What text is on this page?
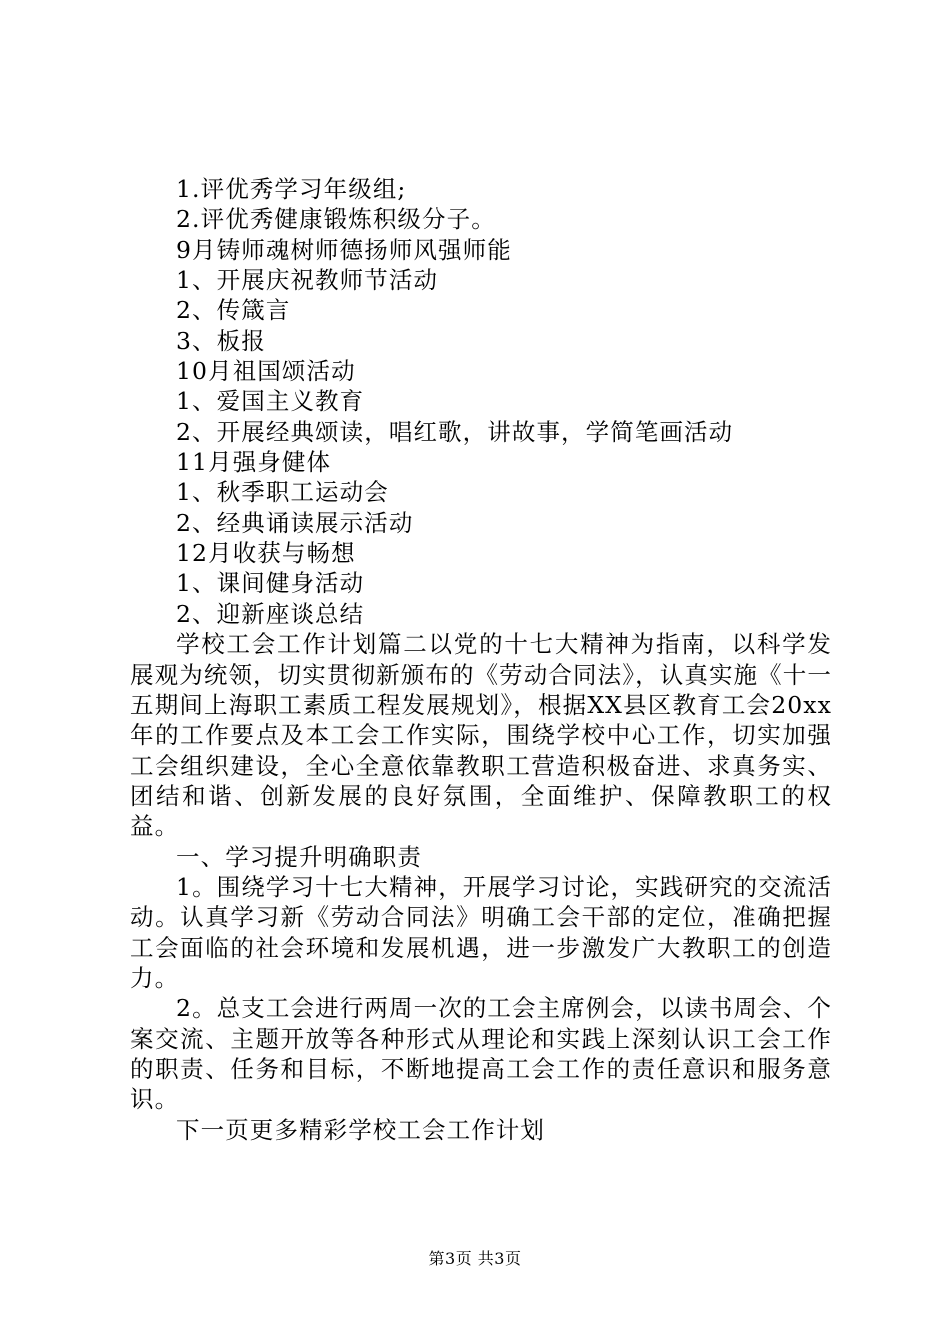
1.评优秀学习年级组;
2.评优秀健康锻炼积级分子。
9月铸师魂树师德扬师风强师能
1、开展庆祝教师节活动
2、传箴言
3、板报
10月祖国颂活动
1、爱国主义教育
2、开展经典颂读，唱红歌，讲故事，学简笔画活动
11月强身健体
1、秋季职工运动会
2、经典诵读展示活动
12月收获与畅想
1、课间健身活动
2、迎新座谈总结

学校工会工作计划篇二以党的十七大精神为指南，以科学发展观为统领，切实贯彻新颁布的《劳动合同法》，认真实施《十一五期间上海职工素质工程发展规划》，根据XX县区教育工会20xx年的工作要点及本工会工作实际，围绕学校中心工作，切实加强工会组织建设，全心全意依靠教职工营造积极奋进、求真务实、团结和谐、创新发展的良好氛围，全面维护、保障教职工的权益。

一、学习提升明确职责

1。围绕学习十七大精神，开展学习讨论，实践研究的交流活动。认真学习新《劳动合同法》明确工会干部的定位，准确把握工会面临的社会环境和发展机遇，进一步激发广大教职工的创造力。

2。总支工会进行两周一次的工会主席例会，以读书周会、个案交流、主题开放等各种形式从理论和实践上深刻认识工会工作的职责、任务和目标，不断地提高工会工作的责任意识和服务意识。

下一页更多精彩学校工会工作计划

第3页 共3页
